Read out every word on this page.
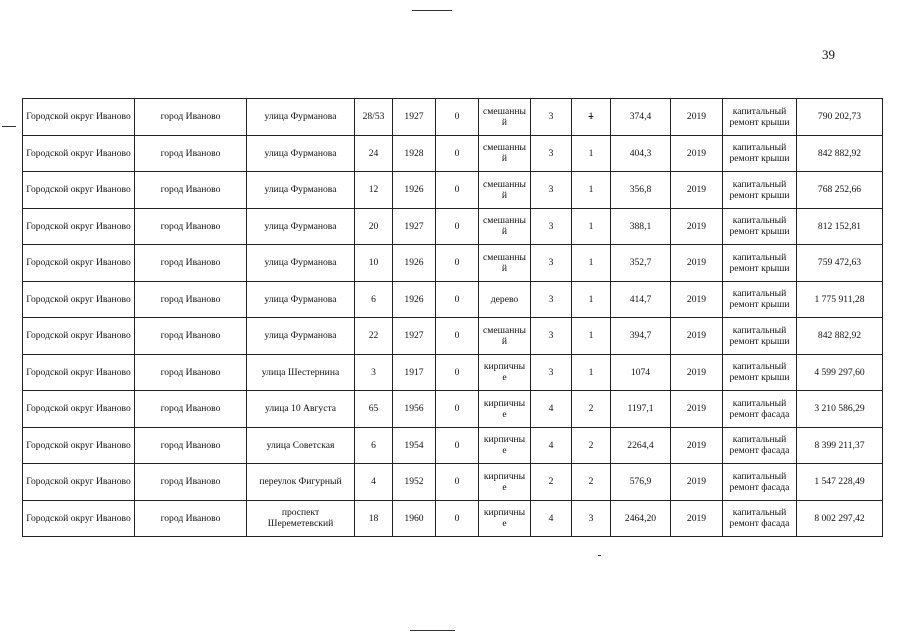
39
Городской округ Иваново	город Иваново	улица Фурманова	28/53	1927	0	смешанны й	3	1	374,4	2019	капитальный ремонт крыши	790 202,73
Городской округ Иваново	город Иваново	улица Фурманова	24	1928	0	смешанны й	3	1	404,3	2019	капитальный ремонт крыши	842 882,92
Городской округ Иваново	город Иваново	улица Фурманова	12	1926	0	смешанны й	3	1	356,8	2019	капитальный ремонт крыши	768 252,66
Городской округ Иваново	город Иваново	улица Фурманова	20	1927	0	смешанны й	3	1	388,1	2019	капитальный ремонт крыши	812 152,81
Городской округ Иваново	город Иваново	улица Фурманова	10	1926	0	смешанны й	3	1	352,7	2019	капитальный ремонт крыши	759 472,63
Городской округ Иваново	город Иваново	улица Фурманова	6	1926	0	дерево	3	1	414,7	2019	капитальный ремонт крыши	1 775 911,28
Городской округ Иваново	город Иваново	улица Фурманова	22	1927	0	смешанны й	3	1	394,7	2019	капитальный ремонт крыши	842 882,92
Городской округ Иваново	город Иваново	улица Шестернина	3	1917	0	кирпичны е	3	1	1074	2019	капитальный ремонт крыши	4 599 297,60
Городской округ Иваново	город Иваново	улица 10 Августа	65	1956	0	кирпичны е	4	2	1197,1	2019	капитальный ремонт фасада	3 210 586,29
Городской округ Иваново	город Иваново	улица Советская	6	1954	0	кирпичны е	4	2	2264,4	2019	капитальный ремонт фасада	8 399 211,37
Городской округ Иваново	город Иваново	переулок Фигурный	4	1952	0	кирпичны е	2	2	576,9	2019	капитальный ремонт фасада	1 547 228,49
Городской округ Иваново	город Иваново	проспект Шереметевский	18	1960	0	кирпичны е	4	3	2464,20	2019	капитальный ремонт фасада	8 002 297,42
